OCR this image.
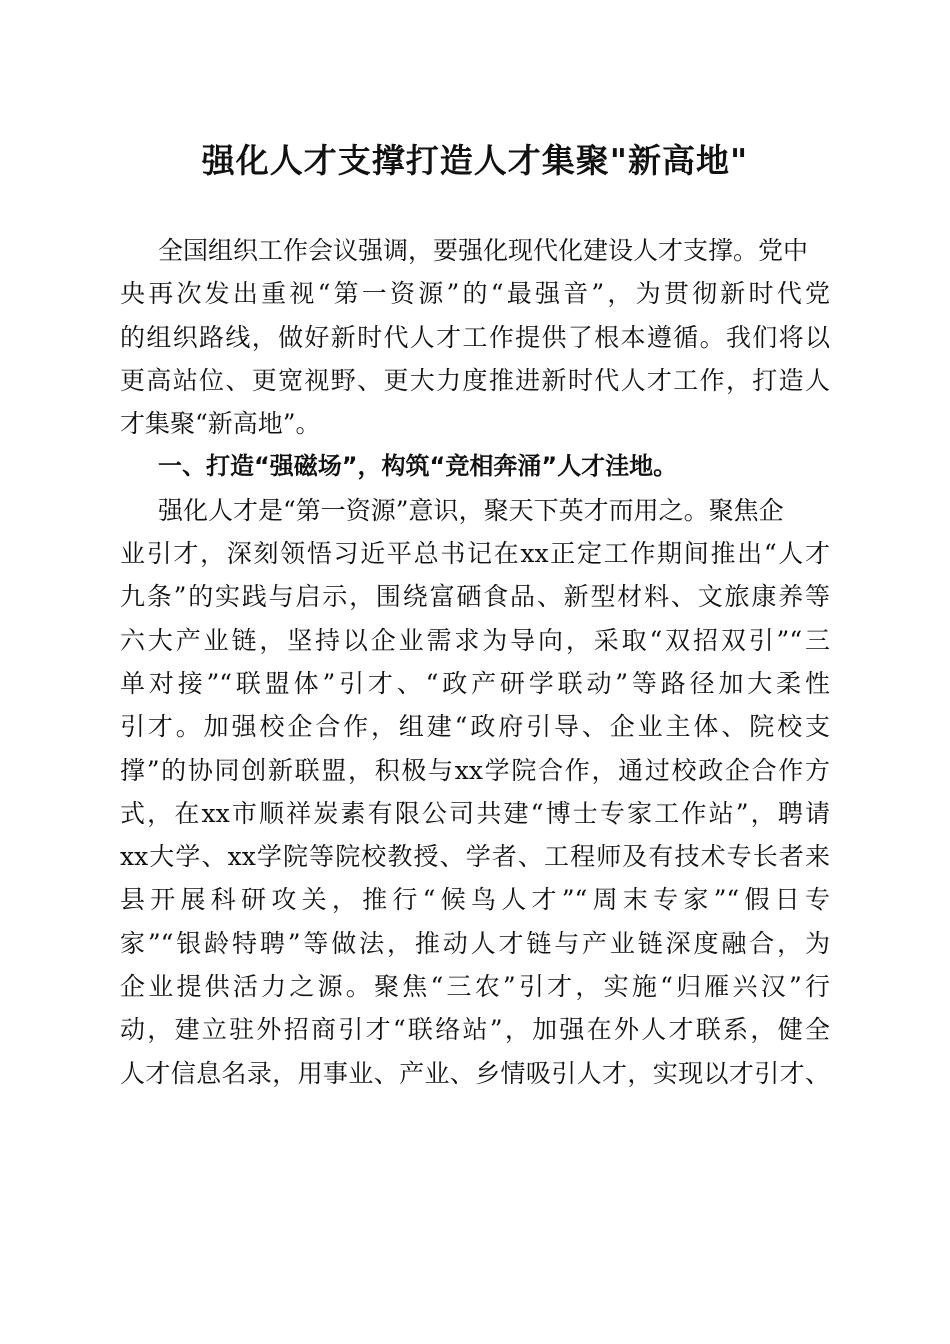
强化人才支撑打造人才集聚"新高地"
全国组织工作会议强调，要强化现代化建设人才支撑。党中
央再次发出重视“第一资源”的“最强音”，为贯彻新时代党
的组织路线，做好新时代人才工作提供了根本遵循。我们将以
更高站位、更宽视野、更大力度推进新时代人才工作，打造人
才集聚“新高地”。
一、打造“强磁场”，构筑“竞相奔涌”人才洼地。
强化人才是“第一资源”意识，聚天下英才而用之。聚焦企
业引才，深刻领悟习近平总书记在xx正定工作期间推出“人才
九条”的实践与启示，围绕富硒食品、新型材料、文旅康养等
六大产业链，坚持以企业需求为导向，采取“双招双引”“三
单对接”“联盟体”引才、“政产研学联动”等路径加大柔性
引才。加强校企合作，组建“政府引导、企业主体、院校支
撑”的协同创新联盟，积极与xx学院合作，通过校政企合作方
式，在xx市顺祥炭素有限公司共建“博士专家工作站”，聘请
xx大学、xx学院等院校教授、学者、工程师及有技术专长者来
县开展科研攻关，推行“候鸟人才”“周末专家”“假日专
家”“银龄特聘”等做法，推动人才链与产业链深度融合，为
企业提供活力之源。聚焦“三农”引才，实施“归雁兴汉”行
动，建立驻外招商引才“联络站”，加强在外人才联系，健全
人才信息名录，用事业、产业、乡情吸引人才，实现以才引才、
